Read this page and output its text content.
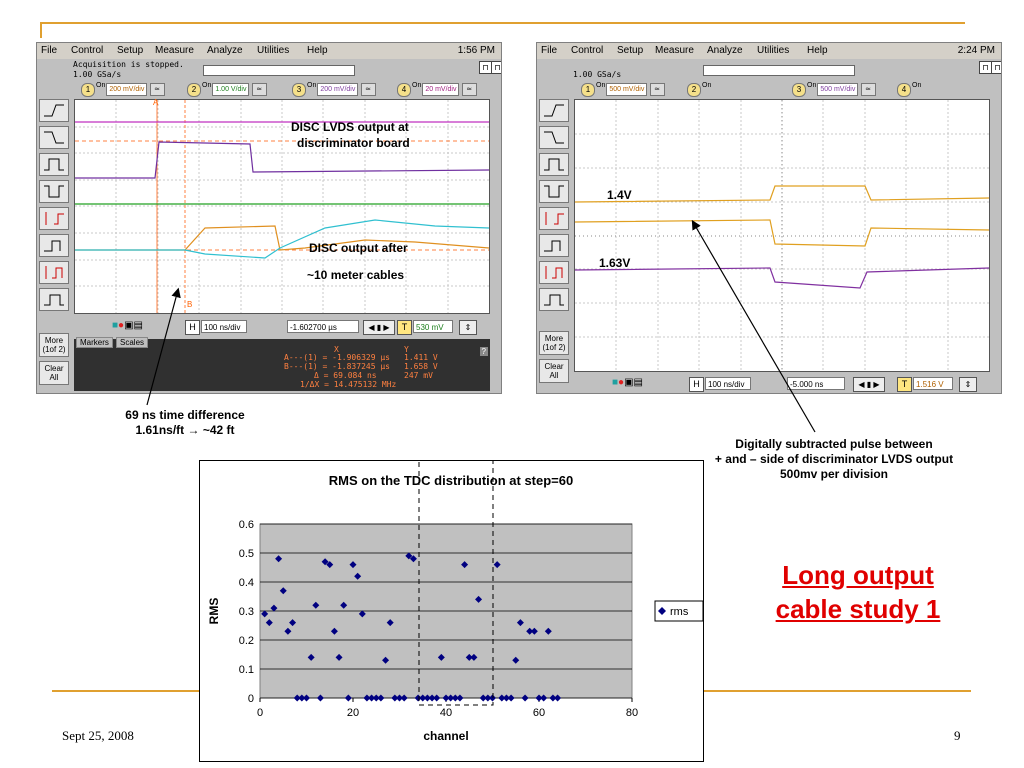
File Control Setup Measure Analyze Utilities Help	1:56 PM
Acquisition is stopped.
1.00 GSa/s
⊓ ⊓
1 On200 mV/div ≃	2 On1.00 V/div ≃	3 On200 mV/div ≃	4 On20 mV/div ≃
A
B
DISC LVDS output at
discriminator board
DISC output after
~10 meter cables
■●▣▤	H	100 ns/div	-1.602700 µs	◀ ▮ ▶	T	530 mV	⇕
More
(1of 2)
Clear
All
Markers	Scales
?
X	Y
A---(1) = -1.906329 µs 1.411 V
B---(1) = -1.837245 µs 1.658 V
Δ = 69.084 ns	247 mV
1/ΔX = 14.475132 MHz
File Control Setup Measure Analyze Utilities Help	2:24 PM
1.00 GSa/s
⊓ ⊓
1 On500 mV/div ≃	2 On	3 On500 mV/div ≃	4 On
1.4V
1.63V
■●▣▤	H	100 ns/div	-5.000 ns	◀ ▮ ▶	T	1.516 V	⇕
More
(1of 2)
Clear
All
69 ns time difference
1.61ns/ft → ~42 ft
Digitally subtracted pulse between
+ and – side of discriminator LVDS output
500mv per division
Long output
cable study 1
Sept 25, 2008	9
0
0.1
0.2
0.3
0.4
0.5
0.6
0	20	40	60	80
RMS on the TDC distribution at step=60
channel
RMS	rms
